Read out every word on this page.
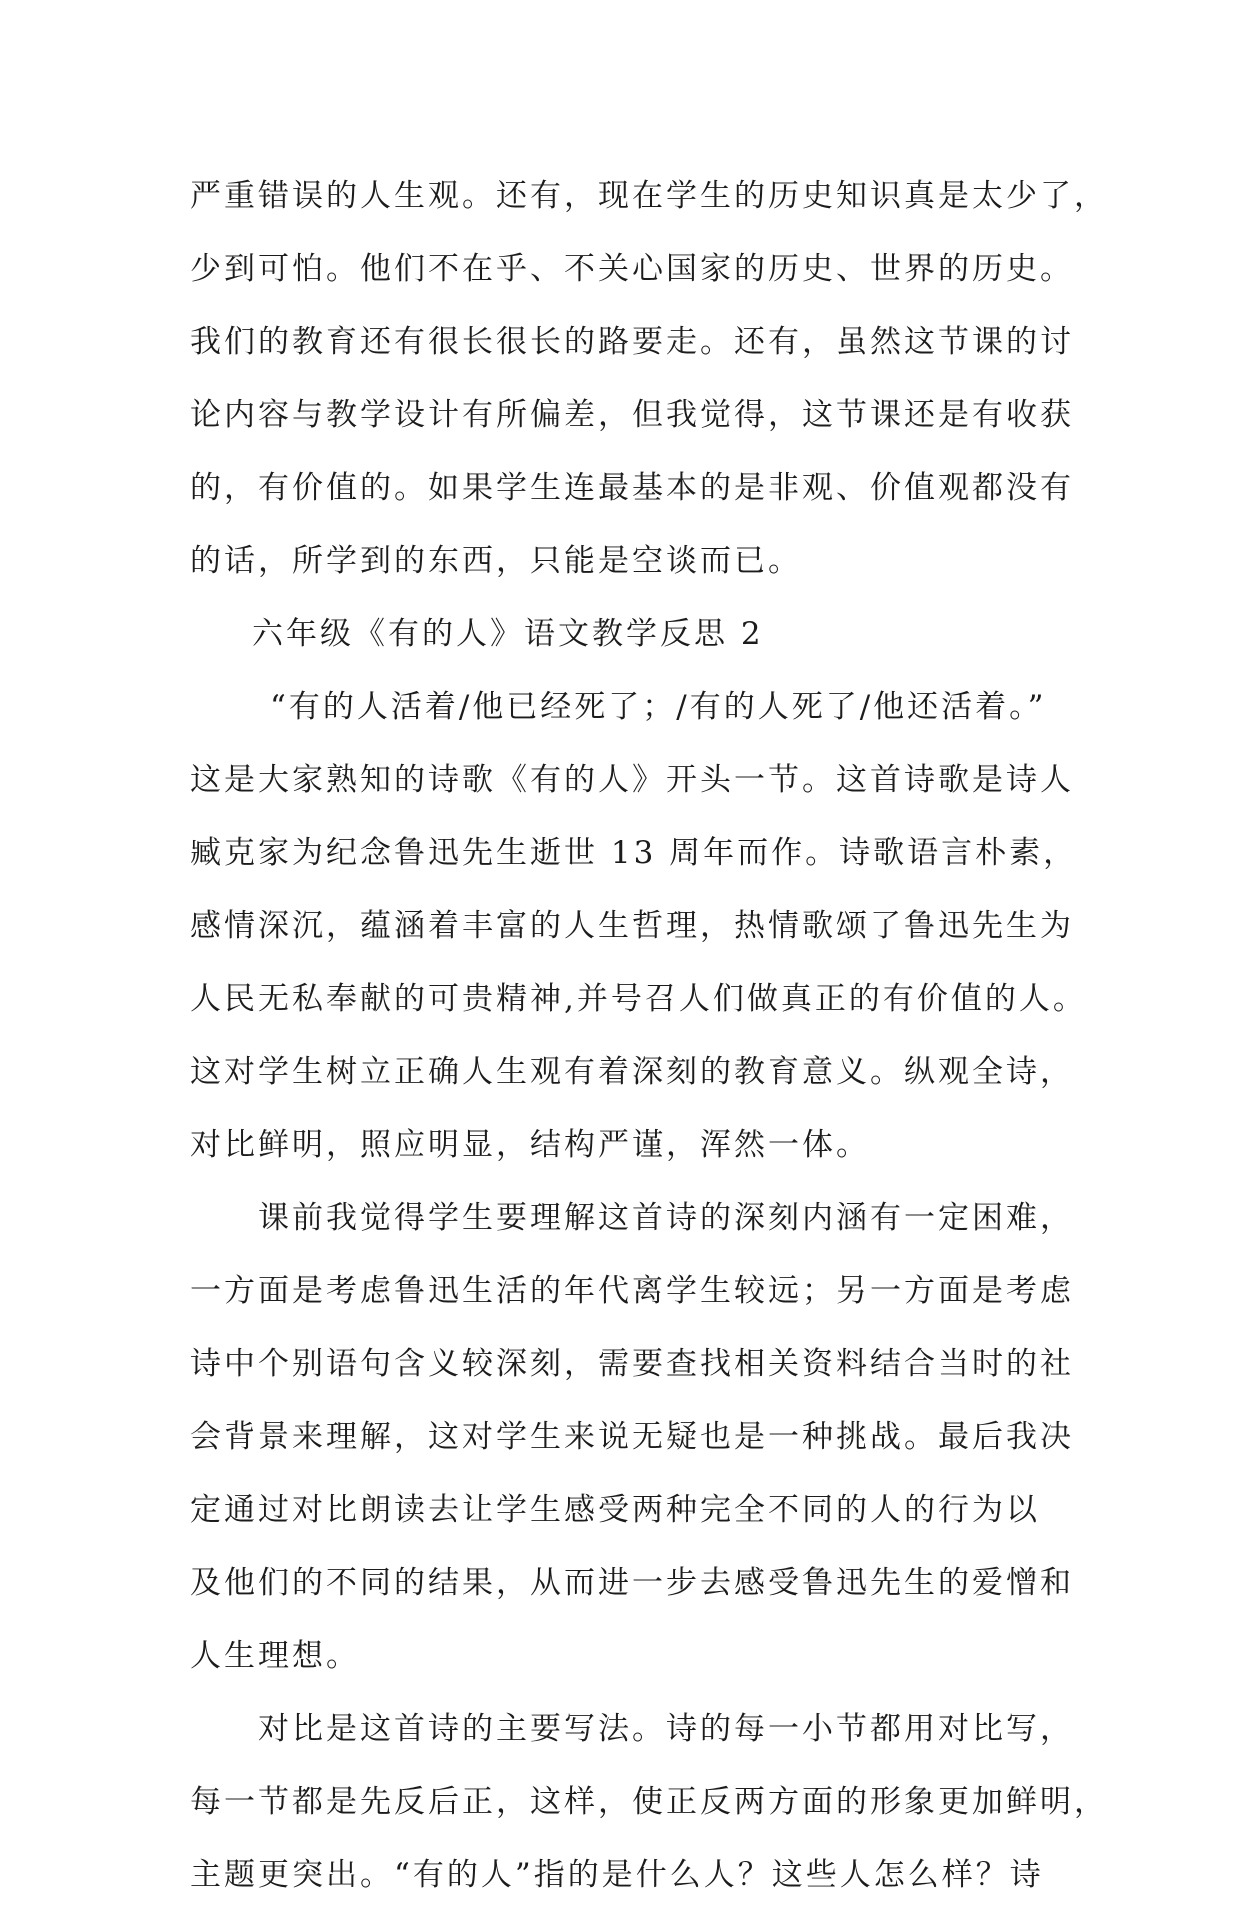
严重错误的人生观。还有，现在学生的历史知识真是太少了，
少到可怕。他们不在乎、不关心国家的历史、世界的历史。
我们的教育还有很长很长的路要走。还有，虽然这节课的讨
论内容与教学设计有所偏差，但我觉得，这节课还是有收获
的，有价值的。如果学生连最基本的是非观、价值观都没有
的话，所学到的东西，只能是空谈而已。
六年级《有的人》语文教学反思 2
“有的人活着/他已经死了；/有的人死了/他还活着。”
这是大家熟知的诗歌《有的人》开头一节。这首诗歌是诗人
臧克家为纪念鲁迅先生逝世 13 周年而作。诗歌语言朴素，
感情深沉，蕴涵着丰富的人生哲理，热情歌颂了鲁迅先生为
人民无私奉献的可贵精神,并号召人们做真正的有价值的人。
这对学生树立正确人生观有着深刻的教育意义。纵观全诗，
对比鲜明，照应明显，结构严谨，浑然一体。
课前我觉得学生要理解这首诗的深刻内涵有一定困难，
一方面是考虑鲁迅生活的年代离学生较远；另一方面是考虑
诗中个别语句含义较深刻，需要查找相关资料结合当时的社
会背景来理解，这对学生来说无疑也是一种挑战。最后我决
定通过对比朗读去让学生感受两种完全不同的人的行为以
及他们的不同的结果，从而进一步去感受鲁迅先生的爱憎和
人生理想。
对比是这首诗的主要写法。诗的每一小节都用对比写，
每一节都是先反后正，这样，使正反两方面的形象更加鲜明，
主题更突出。“有的人”指的是什么人？这些人怎么样？诗
